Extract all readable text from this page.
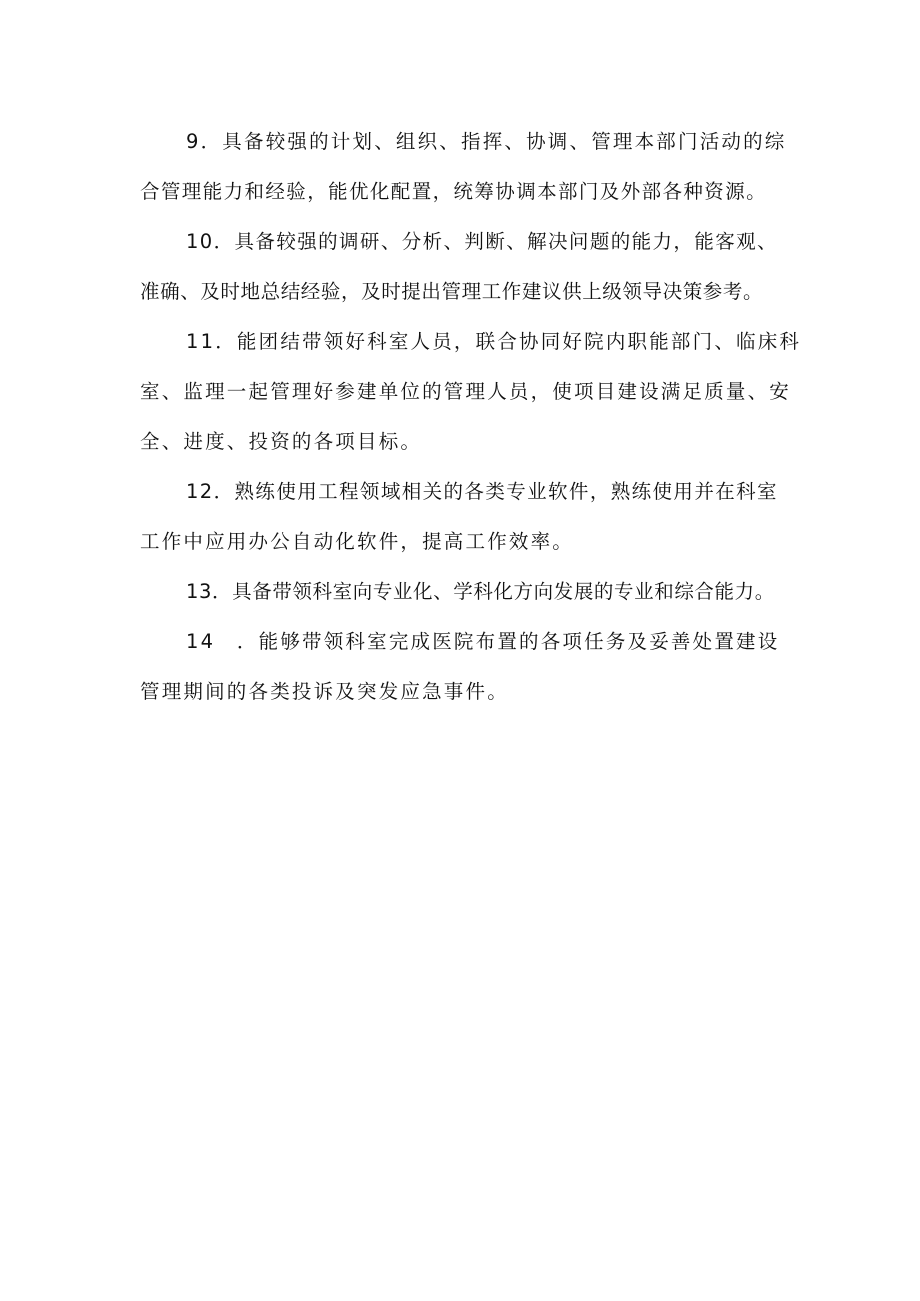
9．具备较强的计划、组织、指挥、协调、管理本部门活动的综
合管理能力和经验，能优化配置，统筹协调本部门及外部各种资源。
10．具备较强的调研、分析、判断、解决问题的能力，能客观、
准确、及时地总结经验，及时提出管理工作建议供上级领导决策参考。
11．能团结带领好科室人员，联合协同好院内职能部门、临床科
室、监理一起管理好参建单位的管理人员，使项目建设满足质量、安
全、进度、投资的各项目标。
12．熟练使用工程领域相关的各类专业软件，熟练使用并在科室
工作中应用办公自动化软件，提高工作效率。
13．具备带领科室向专业化、学科化方向发展的专业和综合能力。
14　．能够带领科室完成医院布置的各项任务及妥善处置建设
管理期间的各类投诉及突发应急事件。
